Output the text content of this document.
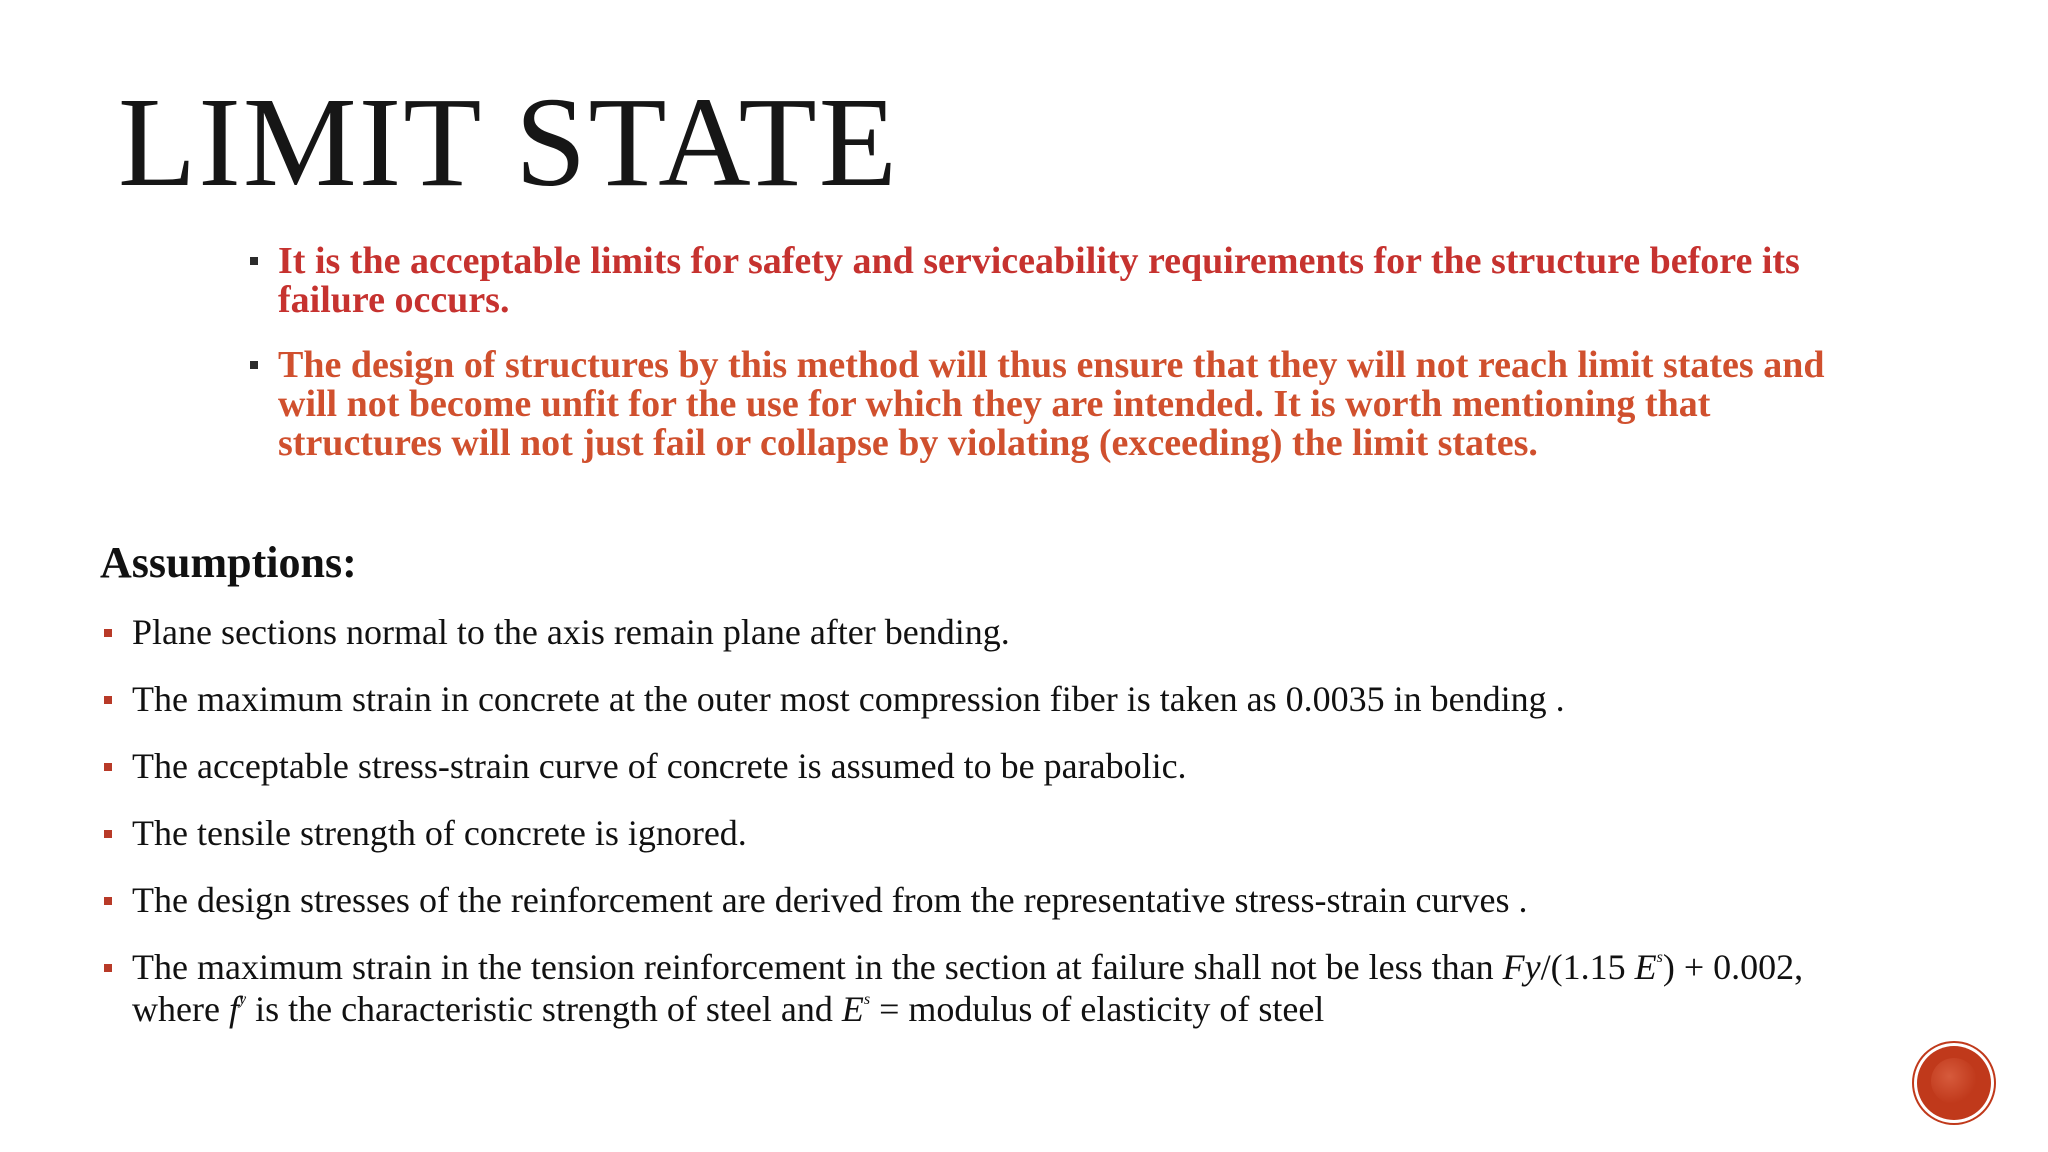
LIMIT STATE
It is the acceptable limits for safety and serviceability requirements for the structure before its failure occurs.
The design of structures by this method will thus ensure that they will not reach limit states and will not become unfit for the use for which they are intended. It is worth mentioning that structures will not just fail or collapse by violating (exceeding) the limit states.
Assumptions:
Plane sections normal to the axis remain plane after bending.
The maximum strain in concrete at the outer most compression fiber is taken as 0.0035 in bending .
The acceptable stress-strain curve of concrete is assumed to be parabolic.
The tensile strength of concrete is ignored.
The design stresses of the reinforcement are derived from the representative stress-strain curves .
The maximum strain in the tension reinforcement in the section at failure shall not be less than Fy/(1.15 $E^s) + 0.002$,
where $f^y$ is the characteristic strength of steel and $E^s$ = modulus of elasticity of steel
